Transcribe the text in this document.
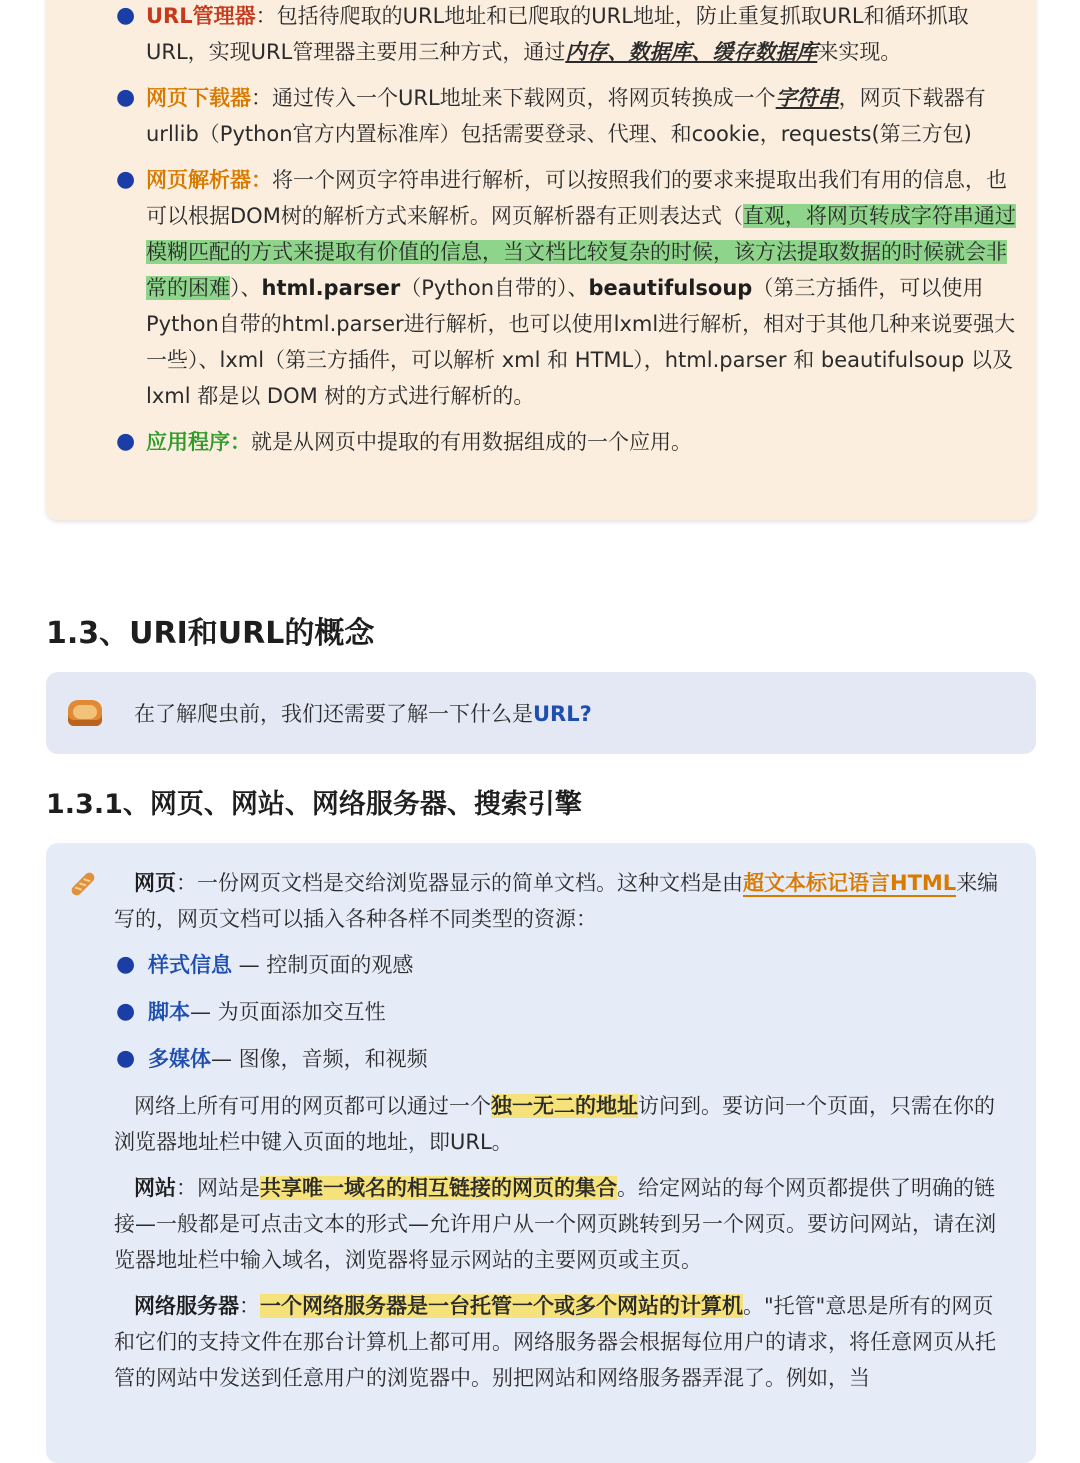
● URL管理器：包括待爬取的URL地址和已爬取的URL地址，防止重复抓取URL和循环抓取URL，实现URL管理器主要用三种方式，通过内存、数据库、缓存数据库来实现。
● 网页下载器：通过传入一个URL地址来下载网页，将网页转换成一个字符串，网页下载器有urllib（Python官方内置标准库）包括需要登录、代理、和cookie，requests(第三方包)
● 网页解析器：将一个网页字符串进行解析，可以按照我们的要求来提取出我们有用的信息，也可以根据DOM树的解析方式来解析。网页解析器有正则表达式（直观，将网页转成字符串通过模糊匹配的方式来提取有价值的信息，当文档比较复杂的时候，该方法提取数据的时候就会非常的困难）、html.parser（Python自带的）、beautifulsoup（第三方插件，可以使用Python自带的html.parser进行解析，也可以使用lxml进行解析，相对于其他几种来说要强大一些）、lxml（第三方插件，可以解析 xml 和 HTML），html.parser 和 beautifulsoup 以及 lxml 都是以 DOM 树的方式进行解析的。
● 应用程序：就是从网页中提取的有用数据组成的一个应用。
1.3、URI和URL的概念
在了解爬虫前，我们还需要了解一下什么是URL?
1.3.1、网页、网站、网络服务器、搜索引擎

网页：一份网页文档是交给浏览器显示的简单文档。这种文档是由超文本标记语言HTML来编写的，网页文档可以插入各种各样不同类型的资源：

● 样式信息 — 控制页面的观感
● 脚本— 为页面添加交互性
● 多媒体— 图像，音频，和视频

网络上所有可用的网页都可以通过一个独一无二的地址访问到。要访问一个页面，只需在你的浏览器地址栏中键入页面的地址，即URL。

网站：网站是共享唯一域名的相互链接的网页的集合。给定网站的每个网页都提供了明确的链接—一般都是可点击文本的形式—允许用户从一个网页跳转到另一个网页。要访问网站，请在浏览器地址栏中输入域名，浏览器将显示网站的主要网页或主页。

网络服务器：一个网络服务器是一台托管一个或多个网站的计算机。"托管"意思是所有的网页和它们的支持文件在那台计算机上都可用。网络服务器会根据每位用户的请求，将任意网页从托管的网站中发送到任意用户的浏览器中。别把网站和网络服务器弄混了。例如，当
